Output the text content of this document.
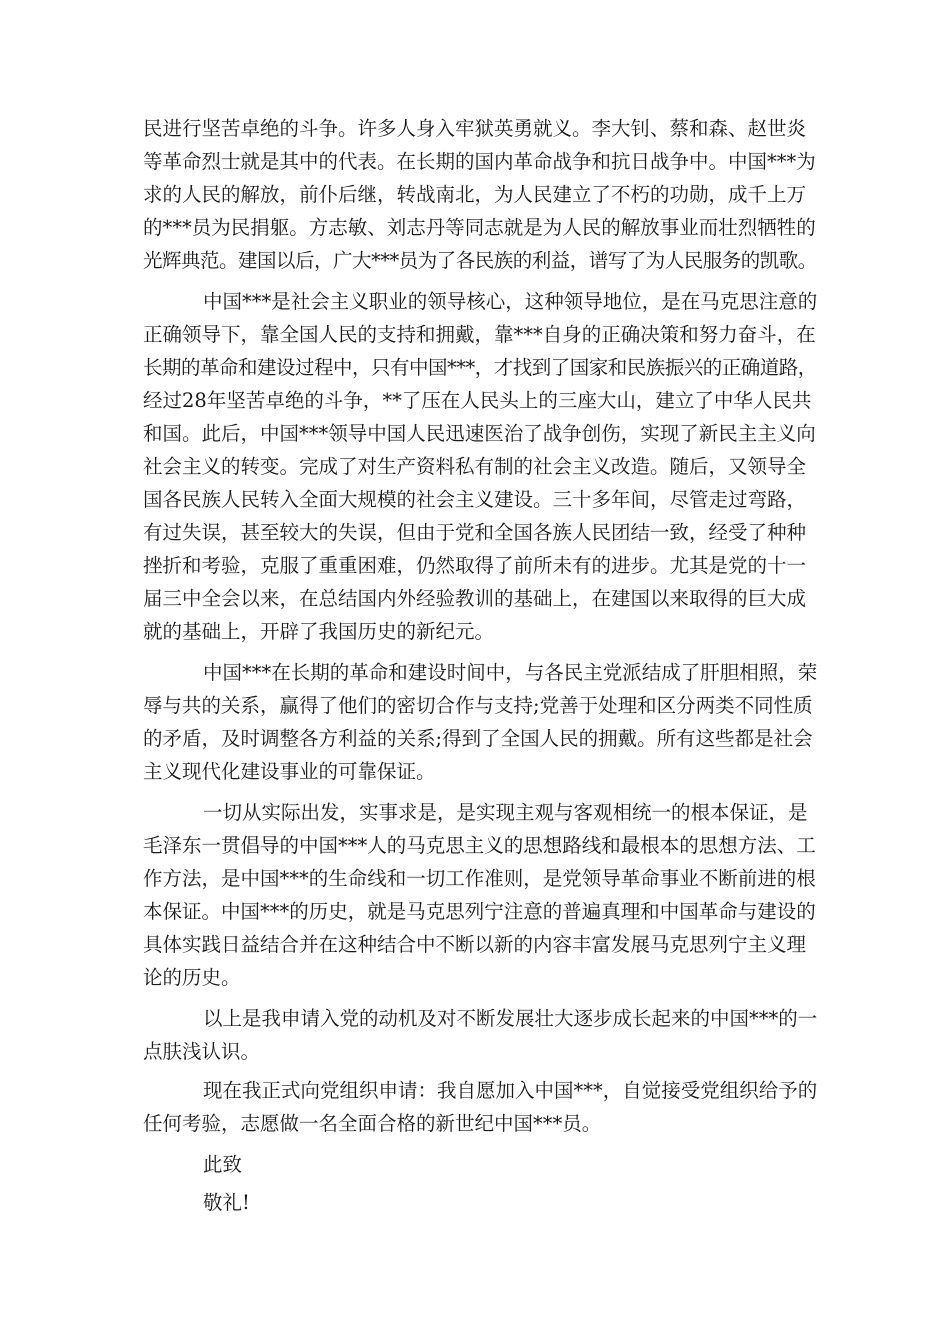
民进行坚苦卓绝的斗争。许多人身入牢狱英勇就义。李大钊、蔡和森、赵世炎
等革命烈士就是其中的代表。在长期的国内革命战争和抗日战争中。中国***为
求的人民的解放，前仆后继，转战南北，为人民建立了不朽的功勋，成千上万
的***员为民捐躯。方志敏、刘志丹等同志就是为人民的解放事业而壮烈牺牲的
光辉典范。建国以后，广大***员为了各民族的利益，谱写了为人民服务的凯歌。
中国***是社会主义职业的领导核心，这种领导地位，是在马克思注意的
正确领导下，靠全国人民的支持和拥戴，靠***自身的正确决策和努力奋斗，在
长期的革命和建设过程中，只有中国***，才找到了国家和民族振兴的正确道路，
经过28年坚苦卓绝的斗争，**了压在人民头上的三座大山，建立了中华人民共
和国。此后，中国***领导中国人民迅速医治了战争创伤，实现了新民主主义向
社会主义的转变。完成了对生产资料私有制的社会主义改造。随后，又领导全
国各民族人民转入全面大规模的社会主义建设。三十多年间，尽管走过弯路，
有过失误，甚至较大的失误，但由于党和全国各族人民团结一致，经受了种种
挫折和考验，克服了重重困难，仍然取得了前所未有的进步。尤其是党的十一
届三中全会以来，在总结国内外经验教训的基础上，在建国以来取得的巨大成
就的基础上，开辟了我国历史的新纪元。
中国***在长期的革命和建设时间中，与各民主党派结成了肝胆相照，荣
辱与共的关系，赢得了他们的密切合作与支持;党善于处理和区分两类不同性质
的矛盾，及时调整各方利益的关系;得到了全国人民的拥戴。所有这些都是社会
主义现代化建设事业的可靠保证。
一切从实际出发，实事求是，是实现主观与客观相统一的根本保证，是
毛泽东一贯倡导的中国***人的马克思主义的思想路线和最根本的思想方法、工
作方法，是中国***的生命线和一切工作准则，是党领导革命事业不断前进的根
本保证。中国***的历史，就是马克思列宁注意的普遍真理和中国革命与建设的
具体实践日益结合并在这种结合中不断以新的内容丰富发展马克思列宁主义理
论的历史。
以上是我申请入党的动机及对不断发展壮大逐步成长起来的中国***的一
点肤浅认识。
现在我正式向党组织申请：我自愿加入中国***，自觉接受党组织给予的
任何考验，志愿做一名全面合格的新世纪中国***员。
此致
敬礼!
